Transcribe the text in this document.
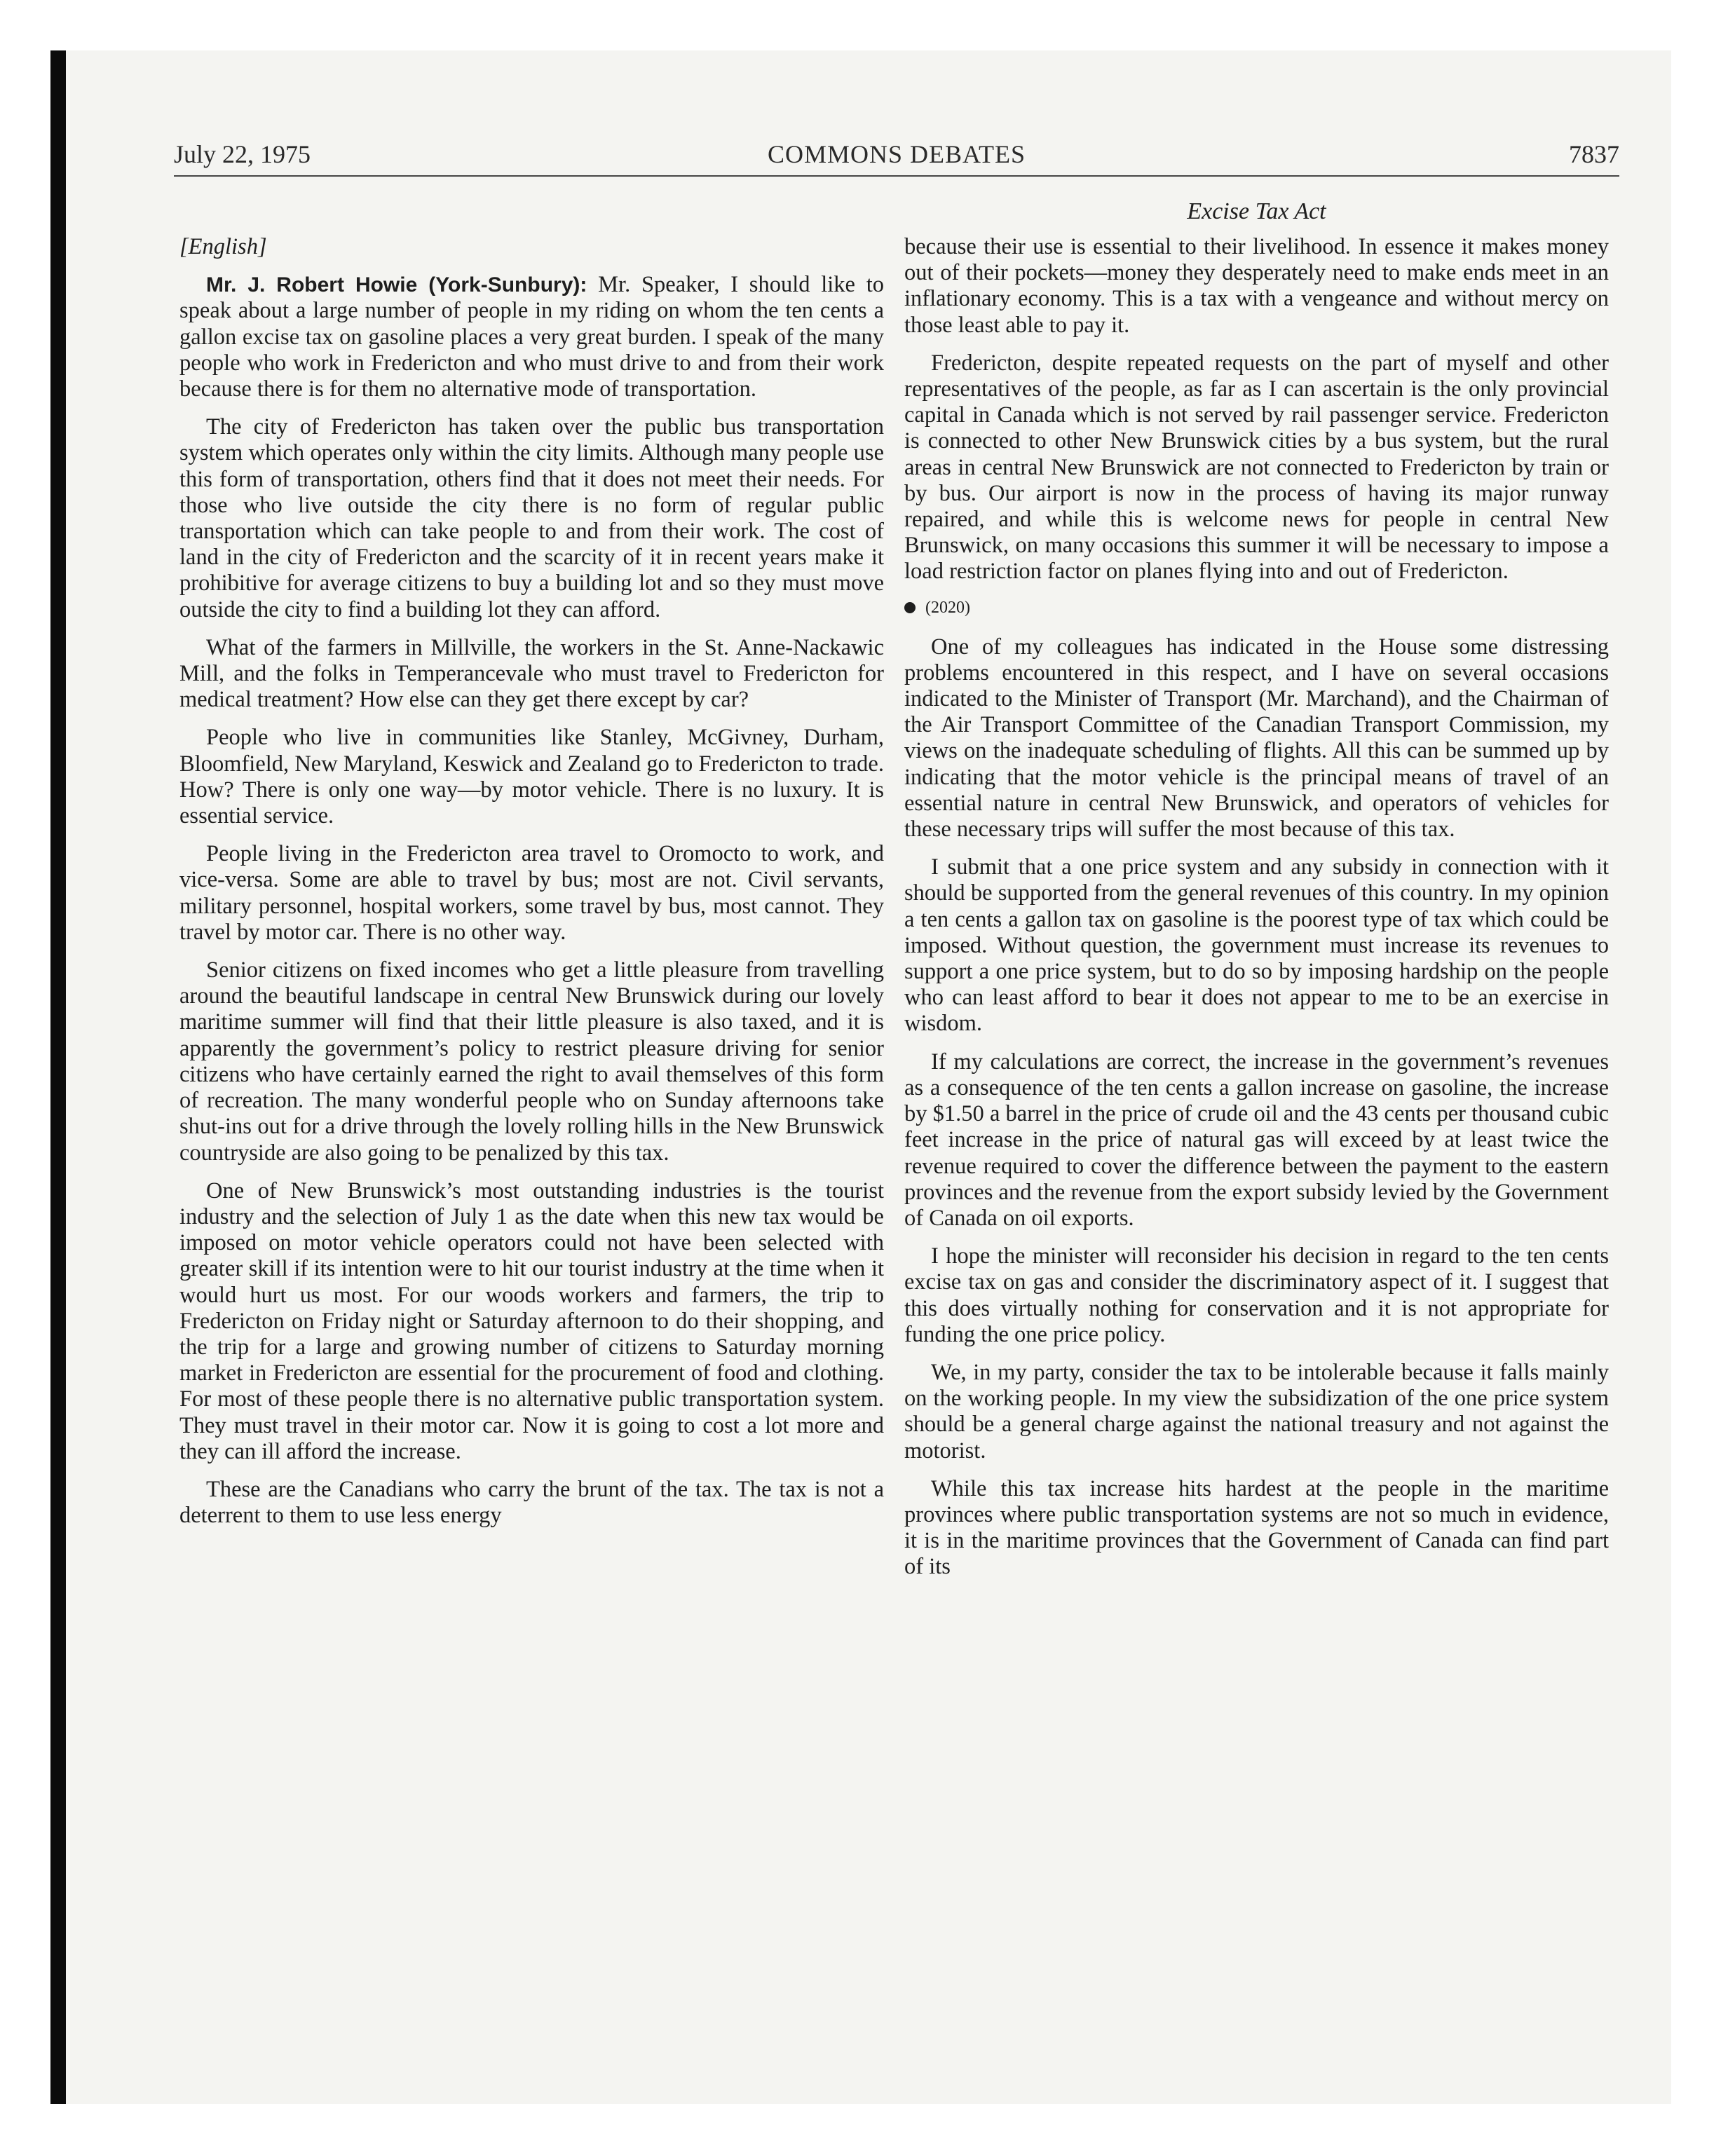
July 22, 1975	COMMONS DEBATES	7837
Excise Tax Act

[English]

Mr. J. Robert Howie (York-Sunbury): Mr. Speaker, I should like to speak about a large number of people in my riding on whom the ten cents a gallon excise tax on gasoline places a very great burden. I speak of the many people who work in Fredericton and who must drive to and from their work because there is for them no alternative mode of transportation.

The city of Fredericton has taken over the public bus transportation system which operates only within the city limits. Although many people use this form of transportation, others find that it does not meet their needs. For those who live outside the city there is no form of regular public transportation which can take people to and from their work. The cost of land in the city of Fredericton and the scarcity of it in recent years make it prohibitive for average citizens to buy a building lot and so they must move outside the city to find a building lot they can afford.

What of the farmers in Millville, the workers in the St. Anne-Nackawic Mill, and the folks in Temperancevale who must travel to Fredericton for medical treatment? How else can they get there except by car?

People who live in communities like Stanley, McGivney, Durham, Bloomfield, New Maryland, Keswick and Zealand go to Fredericton to trade. How? There is only one way—by motor vehicle. There is no luxury. It is essential service.

People living in the Fredericton area travel to Oromocto to work, and vice-versa. Some are able to travel by bus; most are not. Civil servants, military personnel, hospital workers, some travel by bus, most cannot. They travel by motor car. There is no other way.

Senior citizens on fixed incomes who get a little pleasure from travelling around the beautiful landscape in central New Brunswick during our lovely maritime summer will find that their little pleasure is also taxed, and it is apparently the government’s policy to restrict pleasure driving for senior citizens who have certainly earned the right to avail themselves of this form of recreation. The many wonderful people who on Sunday afternoons take shut-ins out for a drive through the lovely rolling hills in the New Brunswick countryside are also going to be penalized by this tax.

One of New Brunswick’s most outstanding industries is the tourist industry and the selection of July 1 as the date when this new tax would be imposed on motor vehicle operators could not have been selected with greater skill if its intention were to hit our tourist industry at the time when it would hurt us most. For our woods workers and farmers, the trip to Fredericton on Friday night or Saturday afternoon to do their shopping, and the trip for a large and growing number of citizens to Saturday morning market in Fredericton are essential for the procurement of food and clothing. For most of these people there is no alternative public transportation system. They must travel in their motor car. Now it is going to cost a lot more and they can ill afford the increase.

These are the Canadians who carry the brunt of the tax. The tax is not a deterrent to them to use less energy

because their use is essential to their livelihood. In essence it makes money out of their pockets—money they desperately need to make ends meet in an inflationary economy. This is a tax with a vengeance and without mercy on those least able to pay it.

Fredericton, despite repeated requests on the part of myself and other representatives of the people, as far as I can ascertain is the only provincial capital in Canada which is not served by rail passenger service. Fredericton is connected to other New Brunswick cities by a bus system, but the rural areas in central New Brunswick are not connected to Fredericton by train or by bus. Our airport is now in the process of having its major runway repaired, and while this is welcome news for people in central New Brunswick, on many occasions this summer it will be necessary to impose a load restriction factor on planes flying into and out of Fredericton.

(2020)

One of my colleagues has indicated in the House some distressing problems encountered in this respect, and I have on several occasions indicated to the Minister of Transport (Mr. Marchand), and the Chairman of the Air Transport Committee of the Canadian Transport Commission, my views on the inadequate scheduling of flights. All this can be summed up by indicating that the motor vehicle is the principal means of travel of an essential nature in central New Brunswick, and operators of vehicles for these necessary trips will suffer the most because of this tax.

I submit that a one price system and any subsidy in connection with it should be supported from the general revenues of this country. In my opinion a ten cents a gallon tax on gasoline is the poorest type of tax which could be imposed. Without question, the government must increase its revenues to support a one price system, but to do so by imposing hardship on the people who can least afford to bear it does not appear to me to be an exercise in wisdom.

If my calculations are correct, the increase in the government’s revenues as a consequence of the ten cents a gallon increase on gasoline, the increase by $1.50 a barrel in the price of crude oil and the 43 cents per thousand cubic feet increase in the price of natural gas will exceed by at least twice the revenue required to cover the difference between the payment to the eastern provinces and the revenue from the export subsidy levied by the Government of Canada on oil exports.

I hope the minister will reconsider his decision in regard to the ten cents excise tax on gas and consider the discriminatory aspect of it. I suggest that this does virtually nothing for conservation and it is not appropriate for funding the one price policy.

We, in my party, consider the tax to be intolerable because it falls mainly on the working people. In my view the subsidization of the one price system should be a general charge against the national treasury and not against the motorist.

While this tax increase hits hardest at the people in the maritime provinces where public transportation systems are not so much in evidence, it is in the maritime provinces that the Government of Canada can find part of its
